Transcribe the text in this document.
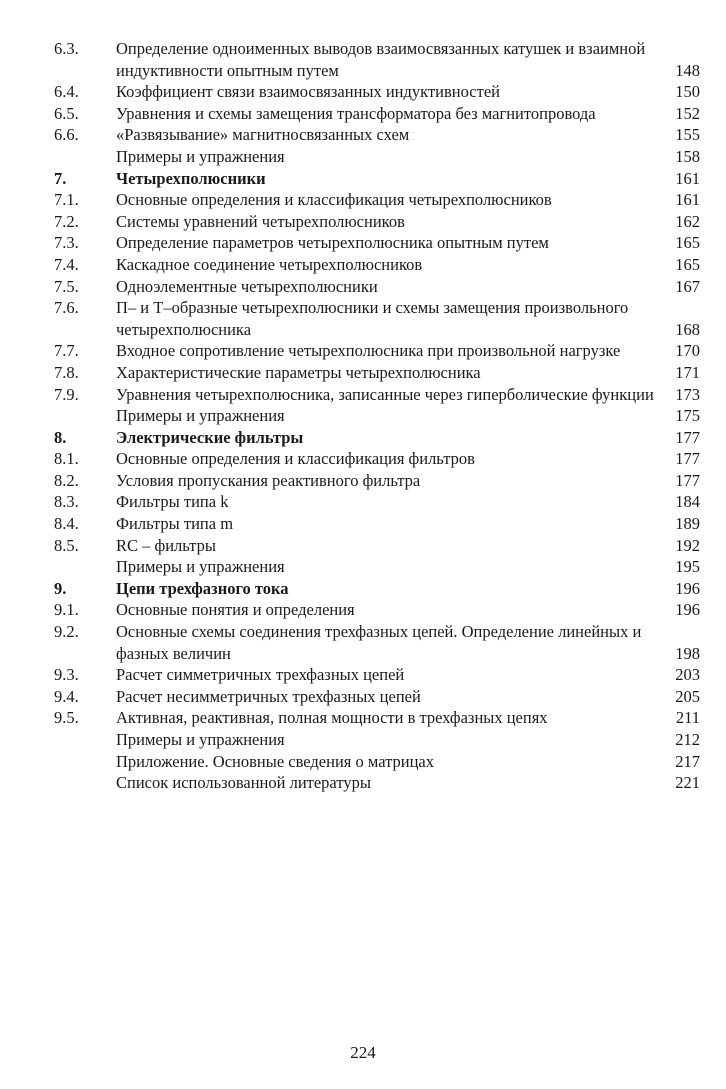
6.3.	Определение одноименных выводов взаимосвязанных катушек и взаимной индуктивности опытным путем	148
6.4.	Коэффициент связи взаимосвязанных индуктивностей	150
6.5.	Уравнения и схемы замещения трансформатора без магнитопровода	152
6.6.	«Развязывание» магнитносвязанных схем	155
Примеры и упражнения	158
7.	Четырехполюсники	161
7.1.	Основные определения и классификация четырехполюсников	161
7.2.	Системы уравнений четырехполюсников	162
7.3.	Определение параметров четырехполюсника опытным путем	165
7.4.	Каскадное соединение четырехполюсников	165
7.5.	Одноэлементные четырехполюсники	167
7.6.	П– и Т–образные четырехполюсники и схемы замещения произвольного четырехполюсника	168
7.7.	Входное сопротивление четырехполюсника при произвольной нагрузке	170
7.8.	Характеристические параметры четырехполюсника	171
7.9.	Уравнения четырехполюсника, записанные через гиперболические функции	173
Примеры и упражнения	175
8.	Электрические фильтры	177
8.1.	Основные определения и классификация фильтров	177
8.2.	Условия пропускания реактивного фильтра	177
8.3.	Фильтры типа k	184
8.4.	Фильтры типа m	189
8.5.	RC – фильтры	192
Примеры и упражнения	195
9.	Цепи трехфазного тока	196
9.1.	Основные понятия и определения	196
9.2.	Основные схемы соединения трехфазных цепей. Определение линейных и фазных величин	198
9.3.	Расчет симметричных трехфазных цепей	203
9.4.	Расчет несимметричных трехфазных цепей	205
9.5.	Активная, реактивная, полная мощности в трехфазных цепях	211
Примеры и упражнения	212
Приложение. Основные сведения о матрицах	217
Список использованной литературы	221
224
